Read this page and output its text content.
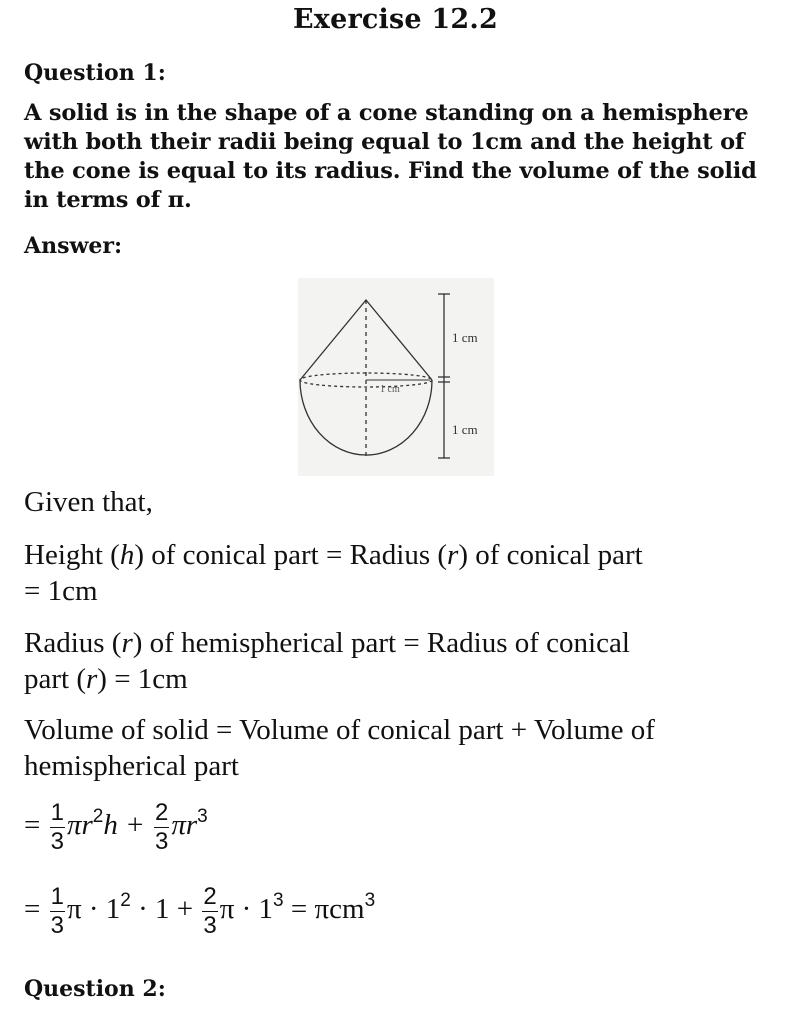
Exercise 12.2
Question 1:
A solid is in the shape of a cone standing on a hemisphere with both their radii being equal to 1cm and the height of the cone is equal to its radius. Find the volume of the solid in terms of π.
Answer:
1 cm
1 cm
1 cm
Given that,
Height (h) of conical part = Radius (r) of conical part
= 1cm
Radius (r) of hemispherical part = Radius of conical
part (r) = 1cm
Volume of solid = Volume of conical part + Volume of hemispherical part
= $\frac{1}{3} \pi r^2h + \frac{2}{3} \pi r^3$
= $\frac{1}{3}$ $\pi \cdot 1^2 \cdot 1 + \frac{2}{3}$ $\pi \cdot 1^3 = \pi cm^3$
Question 2:
